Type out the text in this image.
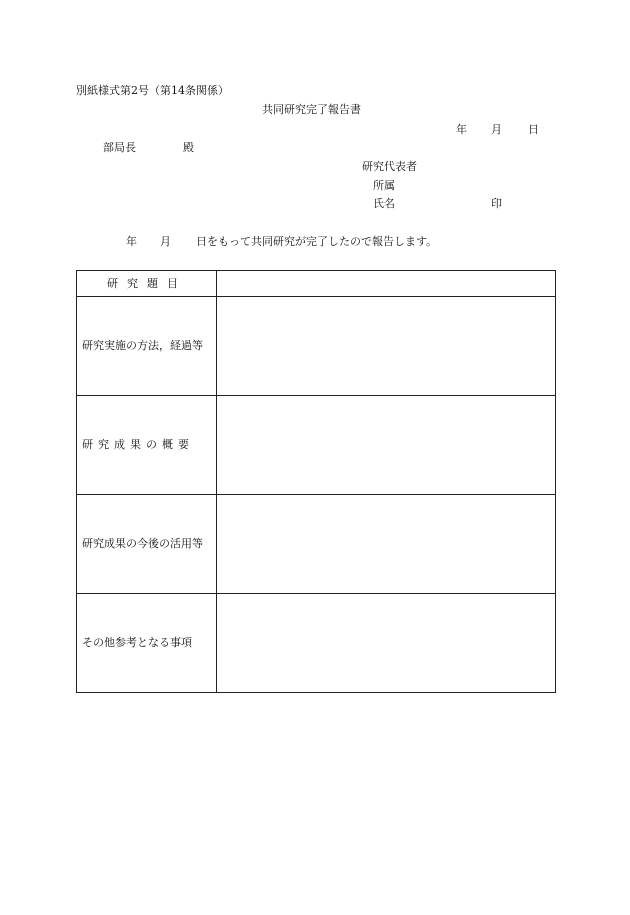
別紙様式第2号（第14条関係）
共同研究完了報告書
年 月 日
部局長	殿
研究代表者
所属
氏名	印
年 月 日をもって共同研究が完了したので報告します。
研究題目	

研究実施の方法，経過等	

研究成果の概要	

研究成果の今後の活用等	

その他参考となる事項	
